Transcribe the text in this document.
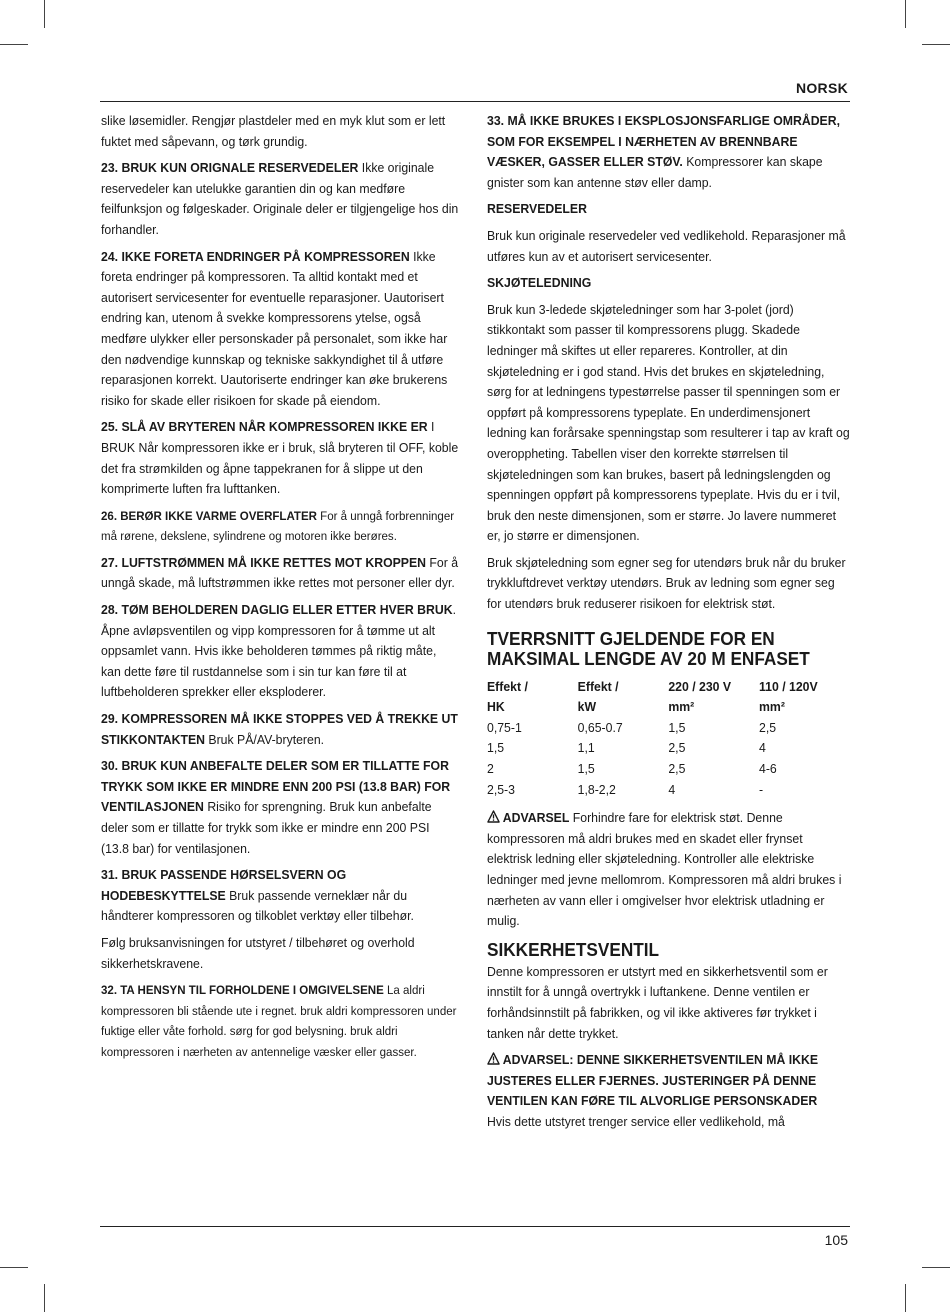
NORSK

slike løsemidler. Rengjør plastdeler med en myk klut som er lett fuktet med såpevann, og tørk grundig.

23. BRUK KUN ORIGNALE RESERVEDELER Ikke originale reservedeler kan utelukke garantien din og kan medføre feilfunksjon og følgeskader. Originale deler er tilgjengelige hos din forhandler.

24. IKKE FORETA ENDRINGER PÅ KOMPRESSOREN Ikke foreta endringer på kompressoren. Ta alltid kontakt med et autorisert servicesenter for eventuelle reparasjoner. Uautorisert endring kan, utenom å svekke kompressorens ytelse, også medføre ulykker eller personskader på personalet, som ikke har den nødvendige kunnskap og tekniske sakkyndighet til å utføre reparasjonen korrekt. Uautoriserte endringer kan øke brukerens risiko for skade eller risikoen for skade på eiendom.

25. SLÅ AV BRYTEREN NÅR KOMPRESSOREN IKKE ER I BRUK Når kompressoren ikke er i bruk, slå bryteren til OFF, koble det fra strømkilden og åpne tappekranen for å slippe ut den komprimerte luften fra lufttanken.

26. BERØR IKKE VARME OVERFLATER For å unngå forbrenninger må rørene, dekslene, sylindrene og motoren ikke berøres.

27. LUFTSTRØMMEN MÅ IKKE RETTES MOT KROPPEN For å unngå skade, må luftstrømmen ikke rettes mot personer eller dyr.

28. TØM BEHOLDEREN DAGLIG ELLER ETTER HVER BRUK. Åpne avløpsventilen og vipp kompressoren for å tømme ut alt oppsamlet vann. Hvis ikke beholderen tømmes på riktig måte, kan dette føre til rustdannelse som i sin tur kan føre til at luftbeholderen sprekker eller eksploderer.

29. KOMPRESSOREN MÅ IKKE STOPPES VED Å TREKKE UT STIKKONTAKTEN Bruk PÅ/AV-bryteren.

30. BRUK KUN ANBEFALTE DELER SOM ER TILLATTE FOR TRYKK SOM IKKE ER MINDRE ENN 200 PSI (13.8 BAR) FOR VENTILASJONEN Risiko for sprengning. Bruk kun anbefalte deler som er tillatte for trykk som ikke er mindre enn 200 PSI (13.8 bar) for ventilasjonen.

31. BRUK PASSENDE HØRSELSVERN OG HODEBESKYTTELSE Bruk passende verneklær når du håndterer kompressoren og tilkoblet verktøy eller tilbehør.

Følg bruksanvisningen for utstyret / tilbehøret og overhold sikkerhetskravene.

32. TA HENSYN TIL FORHOLDENE I OMGIVELSENE La aldri kompressoren bli stående ute i regnet. bruk aldri kompressoren under fuktige eller våte forhold. sørg for god belysning. bruk aldri kompressoren i nærheten av antennelige væsker eller gasser.

33. MÅ IKKE BRUKES I EKSPLOSJONSFARLIGE OMRÅDER, SOM FOR EKSEMPEL I NÆRHETEN AV BRENNBARE VÆSKER, GASSER ELLER STØV. Kompressorer kan skape gnister som kan antenne støv eller damp.

RESERVEDELER

Bruk kun originale reservedeler ved vedlikehold. Reparasjoner må utføres kun av et autorisert servicesenter.

SKJØTELEDNING

Bruk kun 3-ledede skjøteledninger som har 3-polet (jord) stikkontakt som passer til kompressorens plugg. Skadede ledninger må skiftes ut eller repareres. Kontroller, at din skjøteledning er i god stand. Hvis det brukes en skjøteledning, sørg for at ledningens typestørrelse passer til spenningen som er oppført på kompressorens typeplate. En underdimensjonert ledning kan forårsake spenningstap som resulterer i tap av kraft og overoppheting. Tabellen viser den korrekte størrelsen til skjøteledningen som kan brukes, basert på ledningslengden og spenningen oppført på kompressorens typeplate. Hvis du er i tvil, bruk den neste dimensjonen, som er større. Jo lavere nummeret er, jo større er dimensjonen.

Bruk skjøteledning som egner seg for utendørs bruk når du bruker trykkluftdrevet verktøy utendørs. Bruk av ledning som egner seg for utendørs bruk reduserer risikoen for elektrisk støt.

TVERRSNITT GJELDENDE FOR EN MAKSIMAL LENGDE AV 20 M ENFASET
Effekt /	Effekt /	220 / 230 V	110 / 120V
HK	kW	mm²	mm²
0,75-1	0,65-0.7	1,5	2,5
1,5	1,1	2,5	4
2	1,5	2,5	4-6
2,5-3	1,8-2,2	4	-

ADVARSEL Forhindre fare for elektrisk støt. Denne kompressoren må aldri brukes med en skadet eller frynset elektrisk ledning eller skjøteledning. Kontroller alle elektriske ledninger med jevne mellomrom. Kompressoren må aldri brukes i nærheten av vann eller i omgivelser hvor elektrisk utladning er mulig.

SIKKERHETSVENTIL

Denne kompressoren er utstyrt med en sikkerhetsventil som er innstilt for å unngå overtrykk i luftankene. Denne ventilen er forhåndsinnstilt på fabrikken, og vil ikke aktiveres før trykket i tanken når dette trykket.

ADVARSEL: DENNE SIKKERHETSVENTILEN MÅ IKKE JUSTERES ELLER FJERNES. JUSTERINGER PÅ DENNE VENTILEN KAN FØRE TIL ALVORLIGE PERSONSKADER
Hvis dette utstyret trenger service eller vedlikehold, må

105
